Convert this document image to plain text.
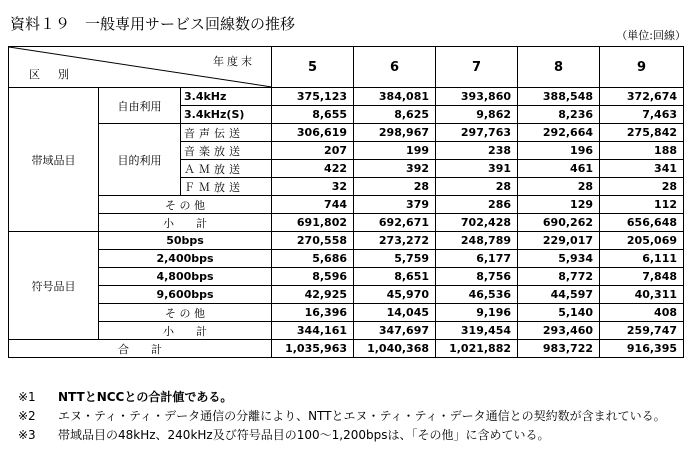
資料１９　一般専用サービス回線数の推移
（単位:回線）
年度末
区別			5	6	7	8	9
帯域品目	自由利用	3.4kHz	375,123	384,081	393,860	388,548	372,674
		3.4kHz(S)	8,655	8,625	9,862	8,236	7,463
	目的利用	音声伝送	306,619	298,967	297,763	292,664	275,842
		音楽放送	207	199	238	196	188
		ＡＭ放送	422	392	391	461	341
		ＦＭ放送	32	28	28	28	28
	そ の 他		744	379	286	129	112
	小　　計		691,802	692,671	702,428	690,262	656,648
符号品目	50bps		270,558	273,272	248,789	229,017	205,069
	2,400bps		5,686	5,759	6,177	5,934	6,111
	4,800bps		8,596	8,651	8,756	8,772	7,848
	9,600bps		42,925	45,970	46,536	44,597	40,311
	そ の 他		16,396	14,045	9,196	5,140	408
	小　　計		344,161	347,697	319,454	293,460	259,747
合　　計			1,035,963	1,040,368	1,021,882	983,722	916,395
※1 NTTとNCCとの合計値である。
※2 エヌ・ティ・ティ・データ通信の分離により、NTTとエヌ・ティ・ティ・データ通信との契約数が含まれている。
※3 帯域品目の48kHz、240kHz及び符号品目の100～1,200bpsは、「その他」に含めている。
